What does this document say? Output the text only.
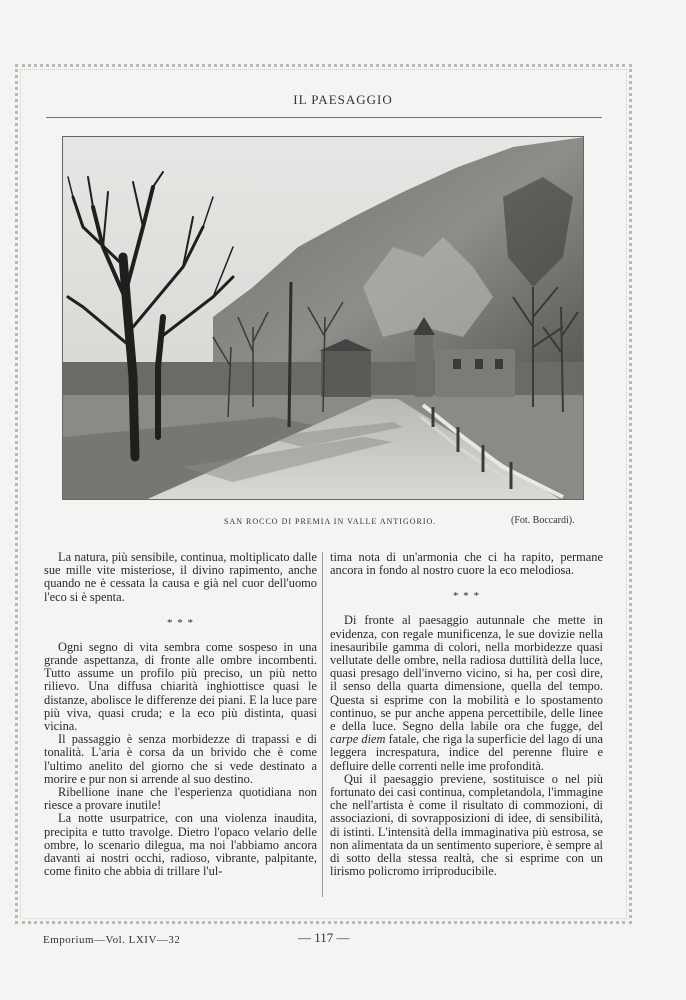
IL PAESAGGIO
SAN ROCCO DI PREMIA IN VALLE ANTIGORIO.	(Fot. Boccardi).

La natura, più sensibile, continua, moltiplicato dalle sue mille vite misteriose, il divino rapimento, anche quando ne è cessata la causa e già nel cuor dell'uomo l'eco si è spenta.

* * *

Ogni segno di vita sembra come sospeso in una grande aspettanza, di fronte alle ombre incombenti. Tutto assume un profilo più preciso, un più netto rilievo. Una diffusa chiarità inghiottisce quasi le distanze, abolisce le differenze dei piani. E la luce pare più viva, quasi cruda; e la eco più distinta, quasi vicina.

Il passaggio è senza morbidezze di trapassi e di tonalità. L'aria è corsa da un brivido che è come l'ultimo anelito del giorno che si vede destinato a morire e pur non si arrende al suo destino.

Ribellione inane che l'esperienza quotidiana non riesce a provare inutile!

La notte usurpatrice, con una violenza inaudita, precipita e tutto travolge. Dietro l'opaco velario delle ombre, lo scenario dilegua, ma noi l'abbiamo ancora davanti ai nostri occhi, radioso, vibrante, palpitante, come finito che abbia di trillare l'ul-

tima nota di un'armonia che ci ha rapito, permane ancora in fondo al nostro cuore la eco melodiosa.

* * *

Di fronte al paesaggio autunnale che mette in evidenza, con regale munificenza, le sue dovizie nella inesauribile gamma di colori, nella morbidezze quasi vellutate delle ombre, nella radiosa duttilità della luce, quasi presago dell'inverno vicino, si ha, per così dire, il senso della quarta dimensione, quella del tempo. Questa si esprime con la mobilità e lo spostamento continuo, se pur anche appena percettibile, delle linee e della luce. Segno della labile ora che fugge, del carpe diem fatale, che riga la superficie del lago di una leggera increspatura, indice del perenne fluire e defluire delle correnti nelle ime profondità.

Qui il paesaggio previene, sostituisce o nel più fortunato dei casi continua, completandola, l'immagine che nell'artista è come il risultato di commozioni, di associazioni, di sovrapposizioni di idee, di sensibilità, di istinti. L'intensità della immaginativa più estrosa, se non alimentata da un sentimento superiore, è sempre al di sotto della stessa realtà, che si esprime con un lirismo policromo irriproducibile.

Emporium—Vol. LXIV—32	— 117 —
